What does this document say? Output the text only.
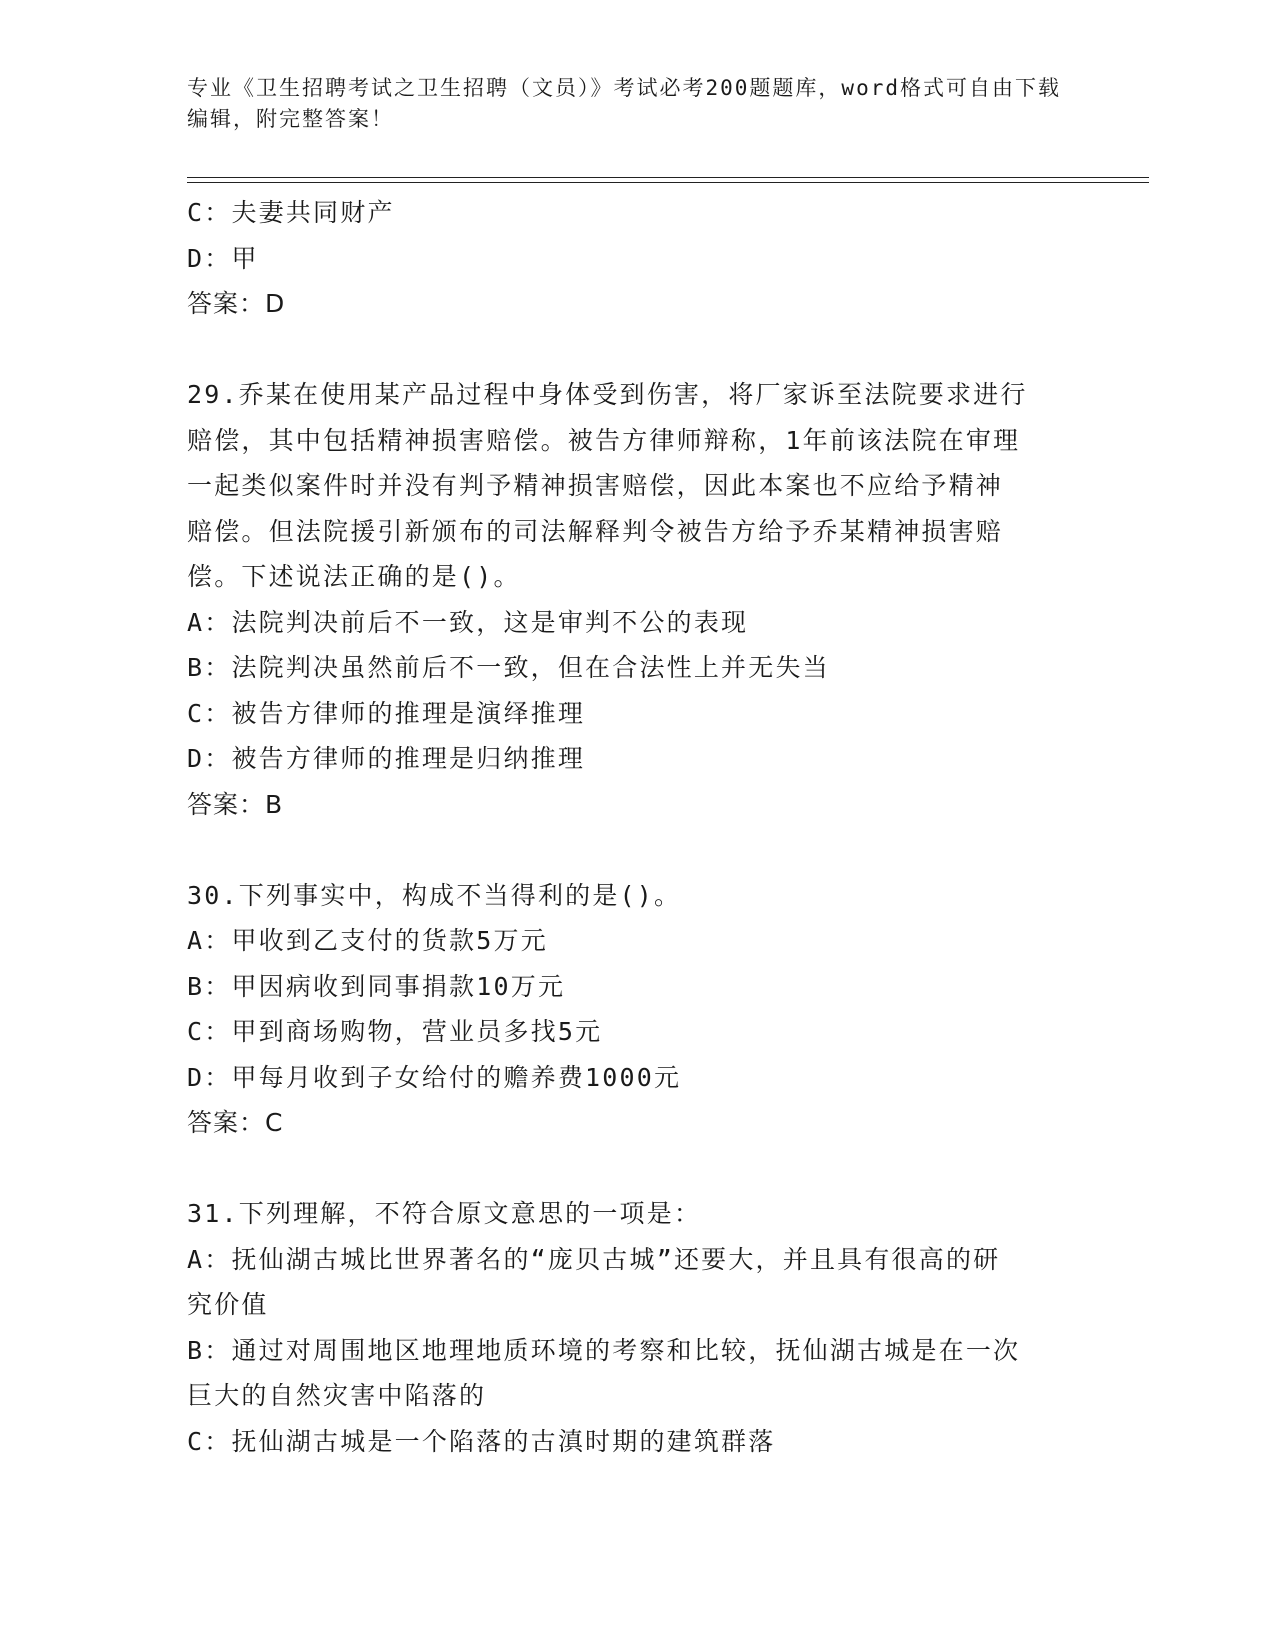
专业《卫生招聘考试之卫生招聘（文员）》考试必考200题题库，word格式可自由下载编辑，附完整答案！
C：夫妻共同财产
D：甲
答案：D
29.乔某在使用某产品过程中身体受到伤害，将厂家诉至法院要求进行
赔偿，其中包括精神损害赔偿。被告方律师辩称，1年前该法院在审理
一起类似案件时并没有判予精神损害赔偿，因此本案也不应给予精神
赔偿。但法院援引新颁布的司法解释判令被告方给予乔某精神损害赔
偿。下述说法正确的是()。
A：法院判决前后不一致，这是审判不公的表现
B：法院判决虽然前后不一致，但在合法性上并无失当
C：被告方律师的推理是演绎推理
D：被告方律师的推理是归纳推理
答案：B
30.下列事实中，构成不当得利的是()。
A：甲收到乙支付的货款5万元
B：甲因病收到同事捐款10万元
C：甲到商场购物，营业员多找5元
D：甲每月收到子女给付的赡养费1000元
答案：C
31.下列理解，不符合原文意思的一项是：
A：抚仙湖古城比世界著名的“庞贝古城”还要大，并且具有很高的研
究价值
B：通过对周围地区地理地质环境的考察和比较，抚仙湖古城是在一次
巨大的自然灾害中陷落的
C：抚仙湖古城是一个陷落的古滇时期的建筑群落
